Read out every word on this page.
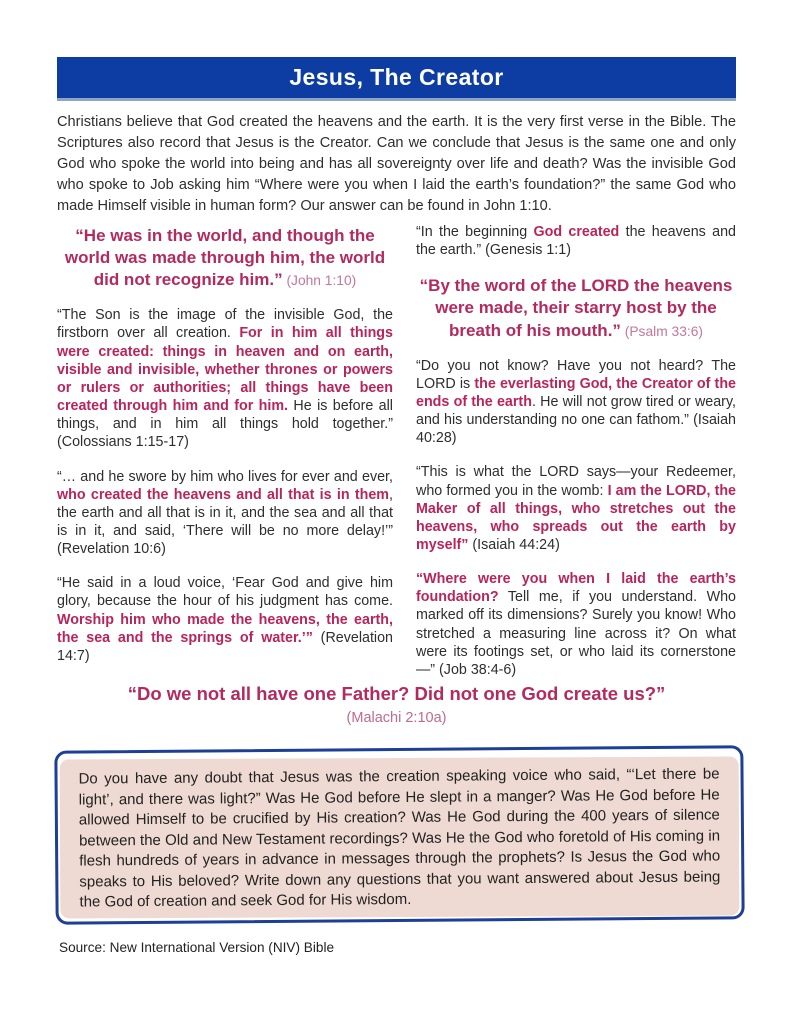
Jesus, The Creator

Christians believe that God created the heavens and the earth. It is the very first verse in the Bible. The Scriptures also record that Jesus is the Creator. Can we conclude that Jesus is the same one and only God who spoke the world into being and has all sovereignty over life and death? Was the invisible God who spoke to Job asking him “Where were you when I laid the earth’s foundation?” the same God who made Himself visible in human form? Our answer can be found in John 1:10.

“He was in the world, and though the world was made through him, the world did not recognize him.” (John 1:10)

“The Son is the image of the invisible God, the firstborn over all creation. For in him all things were created: things in heaven and on earth, visible and invisible, whether thrones or powers or rulers or authorities; all things have been created through him and for him. He is before all things, and in him all things hold together.” (Colossians 1:15-17)

“… and he swore by him who lives for ever and ever, who created the heavens and all that is in them, the earth and all that is in it, and the sea and all that is in it, and said, ‘There will be no more delay!’” (Revelation 10:6)

“He said in a loud voice, ‘Fear God and give him glory, because the hour of his judgment has come. Worship him who made the heavens, the earth, the sea and the springs of water.’” (Revelation 14:7)

“In the beginning God created the heavens and the earth.” (Genesis 1:1)

“By the word of the LORD the heavens were made, their starry host by the breath of his mouth.” (Psalm 33:6)

“Do you not know? Have you not heard? The LORD is the everlasting God, the Creator of the ends of the earth. He will not grow tired or weary, and his understanding no one can fathom.” (Isaiah 40:28)

“This is what the LORD says—your Redeemer, who formed you in the womb: I am the LORD, the Maker of all things, who stretches out the heavens, who spreads out the earth by myself” (Isaiah 44:24)

“Where were you when I laid the earth’s foundation? Tell me, if you understand. Who marked off its dimensions? Surely you know! Who stretched a measuring line across it? On what were its footings set, or who laid its cornerstone—” (Job 38:4-6)

“Do we not all have one Father? Did not one God create us?”
(Malachi 2:10a)
Do you have any doubt that Jesus was the creation speaking voice who said, “‘Let there be light’, and there was light?” Was He God before He slept in a manger? Was He God before He allowed Himself to be crucified by His creation? Was He God during the 400 years of silence between the Old and New Testament recordings? Was He the God who foretold of His coming in flesh hundreds of years in advance in messages through the prophets? Is Jesus the God who speaks to His beloved? Write down any questions that you want answered about Jesus being the God of creation and seek God for His wisdom.
Source: New International Version (NIV) Bible
